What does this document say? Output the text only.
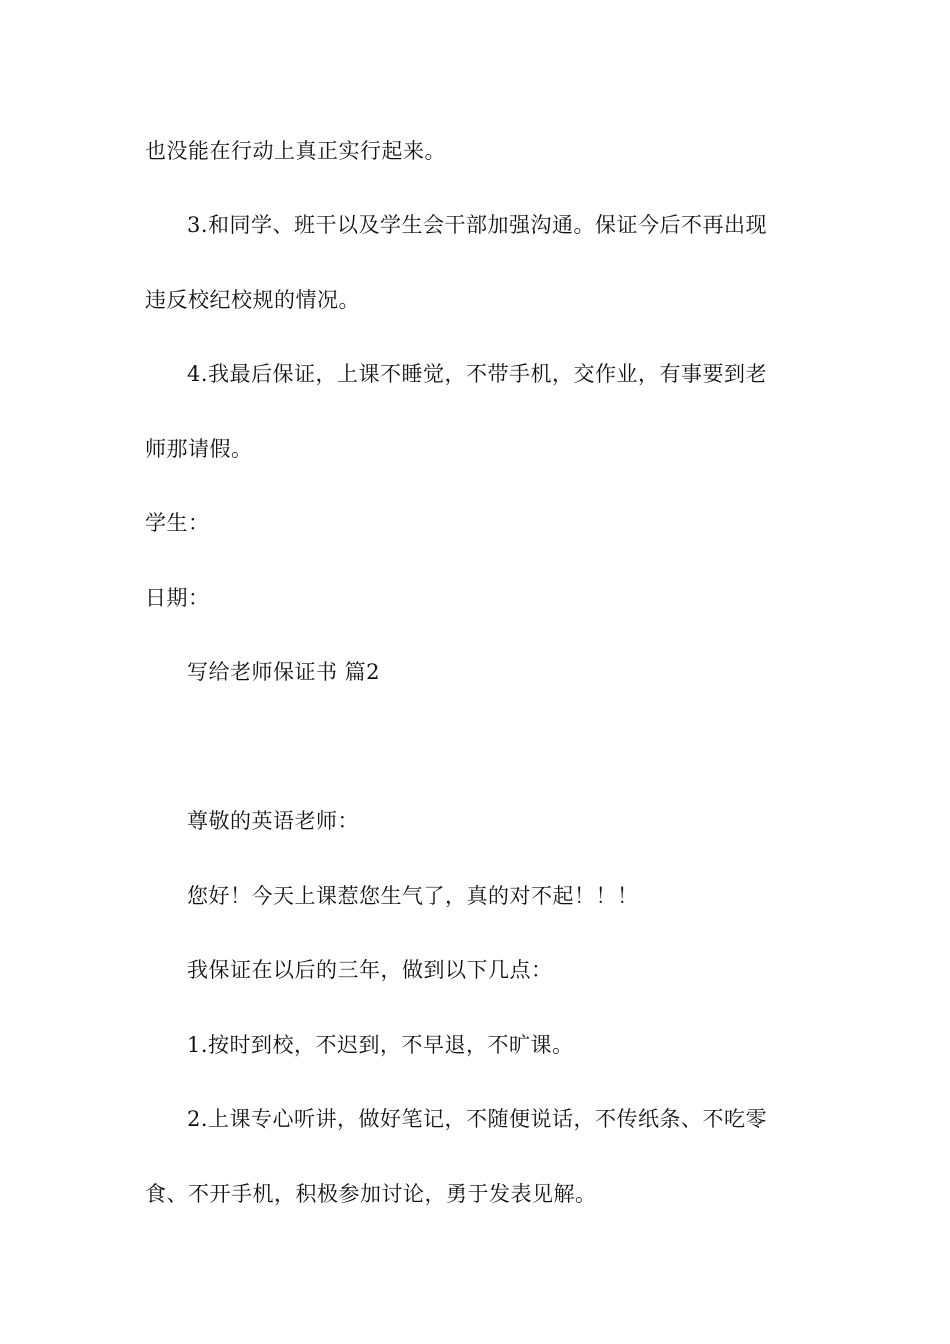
也没能在行动上真正实行起来。
3.和同学、班干以及学生会干部加强沟通。保证今后不再出现
违反校纪校规的情况。
4.我最后保证，上课不睡觉，不带手机，交作业，有事要到老
师那请假。
学生：
日期：
写给老师保证书 篇2
尊敬的英语老师：
您好！今天上课惹您生气了，真的对不起！！！
我保证在以后的三年，做到以下几点：
1.按时到校，不迟到，不早退，不旷课。
2.上课专心听讲，做好笔记，不随便说话，不传纸条、不吃零
食、不开手机，积极参加讨论，勇于发表见解。
